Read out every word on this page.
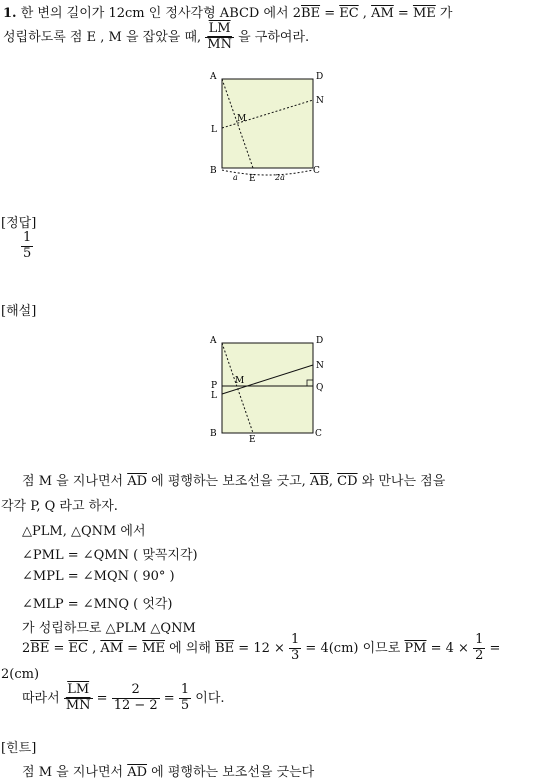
1. 한 변의 길이가 12cm 인 정사각형 ABCD 에서 $2\overline{BE} = \overline{EC}$ , $\overline{AM} = \overline{ME}$ 가
성립하도록 점 E , M 을 잡았을 때, $\frac{\overline{LM}}{MN}$ 을 구하여라.
A	D
N
M
L
B
E
C
a	2a
[정답]
$\frac{1}{5}$
[해설]
A	D
N
M
P
L
Q
B
E
C
점 M 을 지나면서 $\overline{AD}$ 에 평행하는 보조선을 긋고, $\overline{AB}$, $\overline{CD}$ 와 만나는 점을
각각 P, Q 라고 하자.
△PLM, △QNM 에서
∠PML = ∠QMN ( 맞꼭지각)
∠MPL = ∠MQN ( 90° )
∠MLP = ∠MNQ ( 엇각)
가 성립하므로 △PLM △QNM
$2\overline{BE} = \overline{EC}$ , $\overline{AM} = \overline{ME}$ 에 의해 $\overline{BE} = 12 \times \frac{1}{3} = 4(cm)$ 이므로 $\overline{PM} = 4 \times \frac{1}{2}$ =
2(cm)
따라서 $\frac{\overline{LM}}{MN} = \frac{2}{12 - 2} = \frac{1}{5}$ 이다.
[힌트]
점 M 을 지나면서 $\overline{AD}$ 에 평행하는 보조선을 긋는다
